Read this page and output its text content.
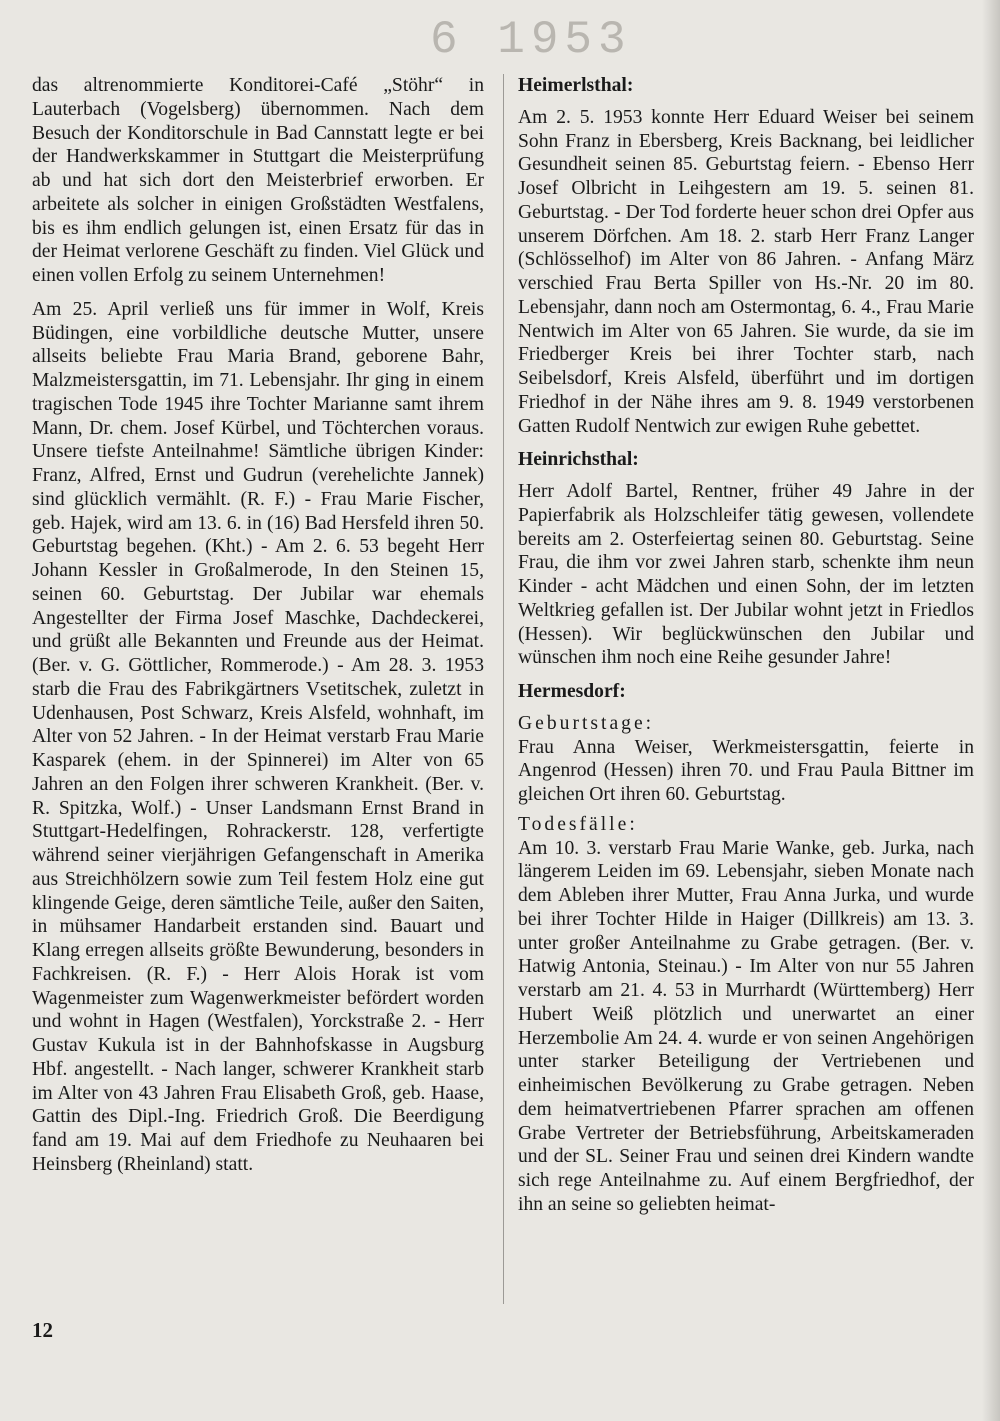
6 1953

das altrenommierte Konditorei-Café „Stöhr“ in Lauterbach (Vogelsberg) übernommen. Nach dem Besuch der Konditorschule in Bad Cannstatt legte er bei der Handwerkskammer in Stuttgart die Meisterprüfung ab und hat sich dort den Meisterbrief erworben. Er arbeitete als solcher in einigen Großstädten Westfalens, bis es ihm endlich gelungen ist, einen Ersatz für das in der Heimat verlorene Geschäft zu finden. Viel Glück und einen vollen Erfolg zu seinem Unternehmen!

Am 25. April verließ uns für immer in Wolf, Kreis Büdingen, eine vorbildliche deutsche Mutter, unsere allseits beliebte Frau Maria Brand, geborene Bahr, Malzmeistersgattin, im 71. Lebensjahr. Ihr ging in einem tragischen Tode 1945 ihre Tochter Marianne samt ihrem Mann, Dr. chem. Josef Kürbel, und Töchterchen voraus. Unsere tiefste Anteilnahme! Sämtliche übrigen Kinder: Franz, Alfred, Ernst und Gudrun (verehelichte Jannek) sind glücklich vermählt. (R. F.) - Frau Marie Fischer, geb. Hajek, wird am 13. 6. in (16) Bad Hersfeld ihren 50. Geburtstag begehen. (Kht.) - Am 2. 6. 53 begeht Herr Johann Kessler in Großalmerode, In den Steinen 15, seinen 60. Geburtstag. Der Jubilar war ehemals Angestellter der Firma Josef Maschke, Dachdeckerei, und grüßt alle Bekannten und Freunde aus der Heimat. (Ber. v. G. Göttlicher, Rommerode.) - Am 28. 3. 1953 starb die Frau des Fabrikgärtners Vsetitschek, zuletzt in Udenhausen, Post Schwarz, Kreis Alsfeld, wohnhaft, im Alter von 52 Jahren. - In der Heimat verstarb Frau Marie Kasparek (ehem. in der Spinnerei) im Alter von 65 Jahren an den Folgen ihrer schweren Krankheit. (Ber. v. R. Spitzka, Wolf.) - Unser Landsmann Ernst Brand in Stuttgart-Hedelfingen, Rohrackerstr. 128, verfertigte während seiner vierjährigen Gefangenschaft in Amerika aus Streichhölzern sowie zum Teil festem Holz eine gut klingende Geige, deren sämtliche Teile, außer den Saiten, in mühsamer Handarbeit erstanden sind. Bauart und Klang erregen allseits größte Bewunderung, besonders in Fachkreisen. (R. F.) - Herr Alois Horak ist vom Wagenmeister zum Wagenwerkmeister befördert worden und wohnt in Hagen (Westfalen), Yorckstraße 2. - Herr Gustav Kukula ist in der Bahnhofskasse in Augsburg Hbf. angestellt. - Nach langer, schwerer Krankheit starb im Alter von 43 Jahren Frau Elisabeth Groß, geb. Haase, Gattin des Dipl.-Ing. Friedrich Groß. Die Beerdigung fand am 19. Mai auf dem Friedhofe zu Neuhaaren bei Heinsberg (Rheinland) statt.

Heimerlsthal:

Am 2. 5. 1953 konnte Herr Eduard Weiser bei seinem Sohn Franz in Ebersberg, Kreis Backnang, bei leidlicher Gesundheit seinen 85. Geburtstag feiern. - Ebenso Herr Josef Olbricht in Leihgestern am 19. 5. seinen 81. Geburtstag. - Der Tod forderte heuer schon drei Opfer aus unserem Dörfchen. Am 18. 2. starb Herr Franz Langer (Schlösselhof) im Alter von 86 Jahren. - Anfang März verschied Frau Berta Spiller von Hs.-Nr. 20 im 80. Lebensjahr, dann noch am Ostermontag, 6. 4., Frau Marie Nentwich im Alter von 65 Jahren. Sie wurde, da sie im Friedberger Kreis bei ihrer Tochter starb, nach Seibelsdorf, Kreis Alsfeld, überführt und im dortigen Friedhof in der Nähe ihres am 9. 8. 1949 verstorbenen Gatten Rudolf Nentwich zur ewigen Ruhe gebettet.

Heinrichsthal:

Herr Adolf Bartel, Rentner, früher 49 Jahre in der Papierfabrik als Holzschleifer tätig gewesen, vollendete bereits am 2. Osterfeiertag seinen 80. Geburtstag. Seine Frau, die ihm vor zwei Jahren starb, schenkte ihm neun Kinder - acht Mädchen und einen Sohn, der im letzten Weltkrieg gefallen ist. Der Jubilar wohnt jetzt in Friedlos (Hessen). Wir beglückwünschen den Jubilar und wünschen ihm noch eine Reihe gesunder Jahre!

Hermesdorf:
Geburtstage:

Frau Anna Weiser, Werkmeistersgattin, feierte in Angenrod (Hessen) ihren 70. und Frau Paula Bittner im gleichen Ort ihren 60. Geburtstag.

Todesfälle:

Am 10. 3. verstarb Frau Marie Wanke, geb. Jurka, nach längerem Leiden im 69. Lebensjahr, sieben Monate nach dem Ableben ihrer Mutter, Frau Anna Jurka, und wurde bei ihrer Tochter Hilde in Haiger (Dillkreis) am 13. 3. unter großer Anteilnahme zu Grabe getragen. (Ber. v. Hatwig Antonia, Steinau.) - Im Alter von nur 55 Jahren verstarb am 21. 4. 53 in Murrhardt (Württemberg) Herr Hubert Weiß plötzlich und unerwartet an einer Herzembolie Am 24. 4. wurde er von seinen Angehörigen unter starker Beteiligung der Vertriebenen und einheimischen Bevölkerung zu Grabe getragen. Neben dem heimatvertriebenen Pfarrer sprachen am offenen Grabe Vertreter der Betriebsführung, Arbeitskameraden und der SL. Seiner Frau und seinen drei Kindern wandte sich rege Anteilnahme zu. Auf einem Bergfriedhof, der ihn an seine so geliebten heimat-

12
